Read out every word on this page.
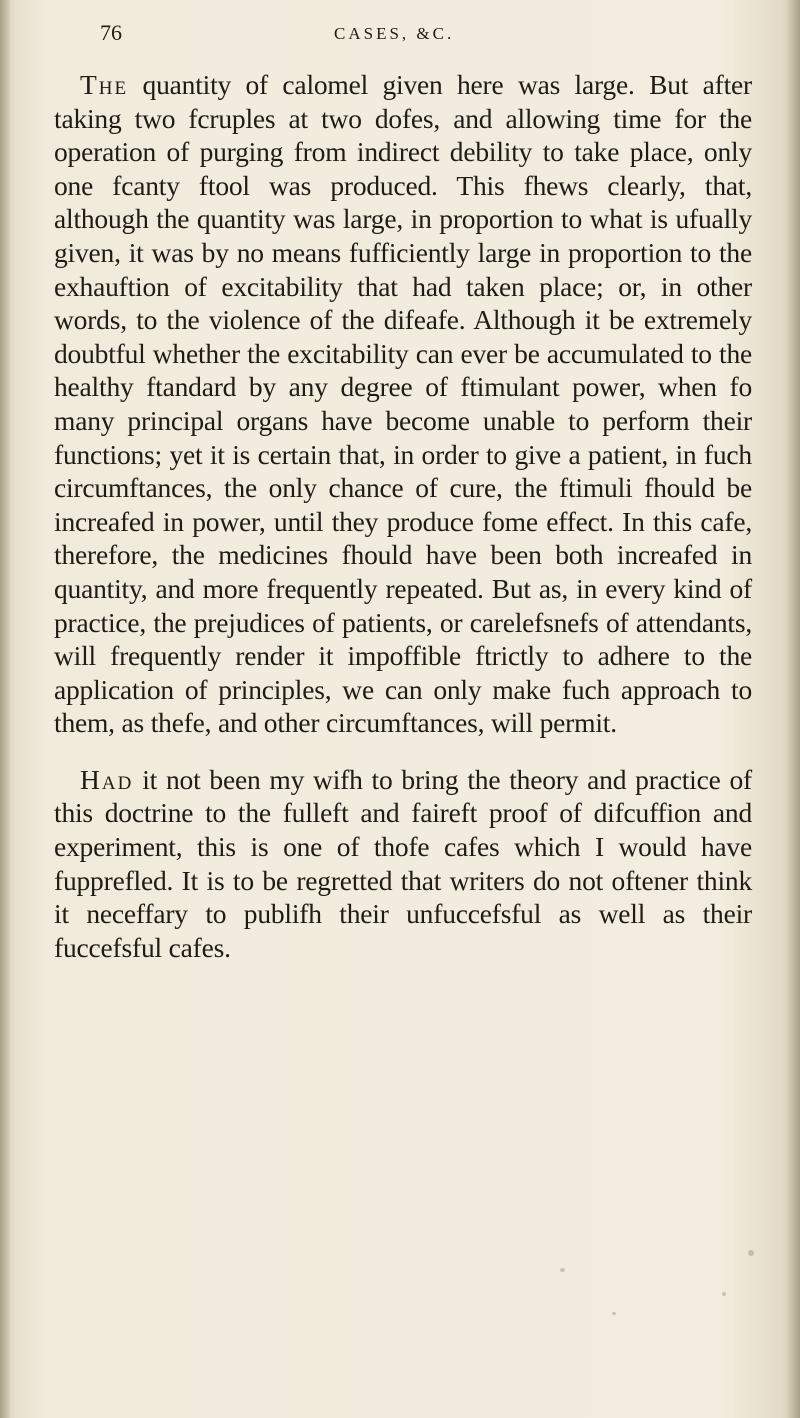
76	CASES, &C.

The quantity of calomel given here was large. But after taking two fcruples at two dofes, and allowing time for the operation of purging from indirect debility to take place, only one fcanty ftool was produced. This fhews clearly, that, although the quantity was large, in proportion to what is ufually given, it was by no means fufficiently large in proportion to the exhauftion of excitability that had taken place; or, in other words, to the violence of the difeafe. Although it be extremely doubtful whether the excitability can ever be accumulated to the healthy ftandard by any degree of ftimulant power, when fo many principal organs have become unable to perform their functions; yet it is certain that, in order to give a patient, in fuch circumftances, the only chance of cure, the ftimuli fhould be increafed in power, until they produce fome effect. In this cafe, therefore, the medicines fhould have been both increafed in quantity, and more frequently repeated. But as, in every kind of practice, the prejudices of patients, or carelefsnefs of attendants, will frequently render it impoffible ftrictly to adhere to the application of principles, we can only make fuch approach to them, as thefe, and other circumftances, will permit.

Had it not been my wifh to bring the theory and practice of this doctrine to the fulleft and faireft proof of difcuffion and experiment, this is one of thofe cafes which I would have fupprefled. It is to be regretted that writers do not oftener think it neceffary to publifh their unfuccefsful as well as their fuccefsful cafes.
